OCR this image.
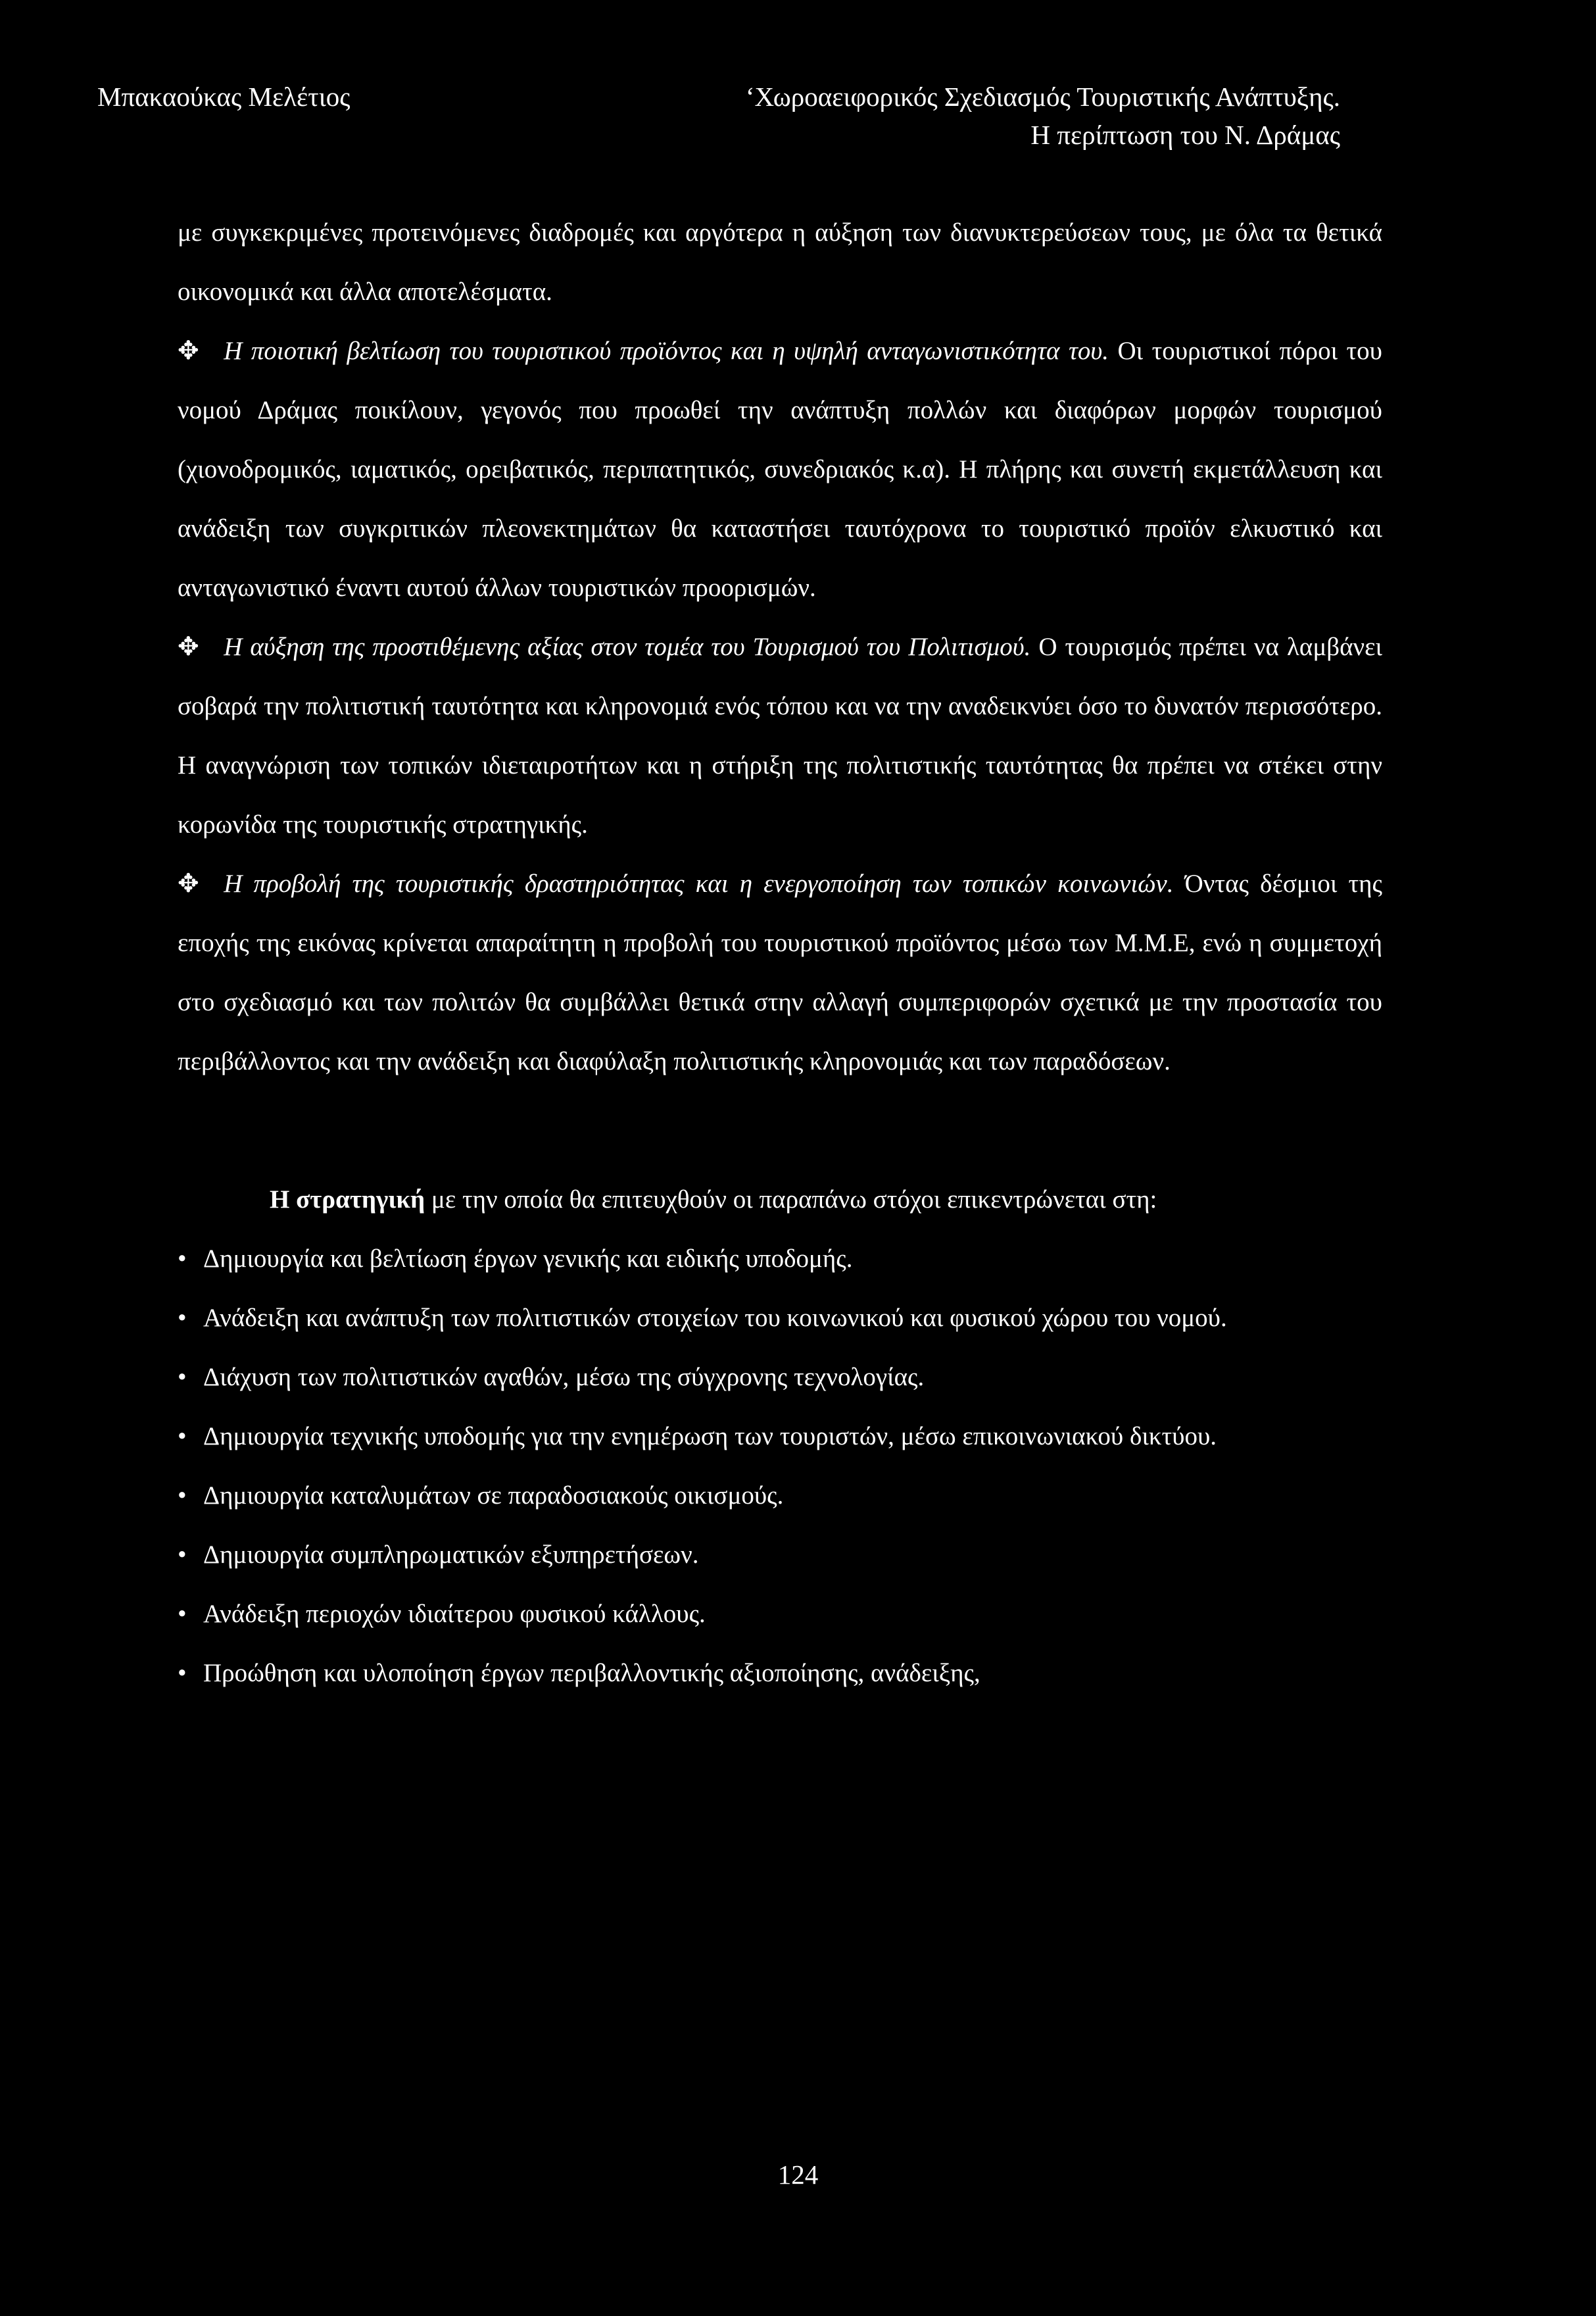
Μπακαούκας Μελέτιος	‘Χωροαειφορικός Σχεδιασμός Τουριστικής Ανάπτυξης.
Η περίπτωση του Ν. Δράμας

με συγκεκριμένες προτεινόμενες διαδρομές και αργότερα η αύξηση των διανυκτερεύσεων τους, με όλα τα θετικά οικονομικά και άλλα αποτελέσματα.

✥ Η ποιοτική βελτίωση του τουριστικού προϊόντος και η υψηλή ανταγωνιστικότητα του. Οι τουριστικοί πόροι του νομού Δράμας ποικίλουν, γεγονός που προωθεί την ανάπτυξη πολλών και διαφόρων μορφών τουρισμού (χιονοδρομικός, ιαματικός, ορειβατικός, περιπατητικός, συνεδριακός κ.α). Η πλήρης και συνετή εκμετάλλευση και ανάδειξη των συγκριτικών πλεονεκτημάτων θα καταστήσει ταυτόχρονα το τουριστικό προϊόν ελκυστικό και ανταγωνιστικό έναντι αυτού άλλων τουριστικών προορισμών.

✥ Η αύξηση της προστιθέμενης αξίας στον τομέα του Τουρισμού του Πολιτισμού. Ο τουρισμός πρέπει να λαμβάνει σοβαρά την πολιτιστική ταυτότητα και κληρονομιά ενός τόπου και να την αναδεικνύει όσο το δυνατόν περισσότερο. Η αναγνώριση των τοπικών ιδιεταιροτήτων και η στήριξη της πολιτιστικής ταυτότητας θα πρέπει να στέκει στην κορωνίδα της τουριστικής στρατηγικής.

✥ Η προβολή της τουριστικής δραστηριότητας και η ενεργοποίηση των τοπικών κοινωνιών. Όντας δέσμιοι της εποχής της εικόνας κρίνεται απαραίτητη η προβολή του τουριστικού προϊόντος μέσω των Μ.Μ.Ε, ενώ η συμμετοχή στο σχεδιασμό και των πολιτών θα συμβάλλει θετικά στην αλλαγή συμπεριφορών σχετικά με την προστασία του περιβάλλοντος και την ανάδειξη και διαφύλαξη πολιτιστικής κληρονομιάς και των παραδόσεων.

Η στρατηγική με την οποία θα επιτευχθούν οι παραπάνω στόχοι επικεντρώνεται στη:

• Δημιουργία και βελτίωση έργων γενικής και ειδικής υποδομής.

• Ανάδειξη και ανάπτυξη των πολιτιστικών στοιχείων του κοινωνικού και φυσικού χώρου του νομού.

• Διάχυση των πολιτιστικών αγαθών, μέσω της σύγχρονης τεχνολογίας.

• Δημιουργία τεχνικής υποδομής για την ενημέρωση των τουριστών, μέσω επικοινωνιακού δικτύου.

• Δημιουργία καταλυμάτων σε παραδοσιακούς οικισμούς.

• Δημιουργία συμπληρωματικών εξυπηρετήσεων.

• Ανάδειξη περιοχών ιδιαίτερου φυσικού κάλλους.

• Προώθηση και υλοποίηση έργων περιβαλλοντικής αξιοποίησης, ανάδειξης,

124
